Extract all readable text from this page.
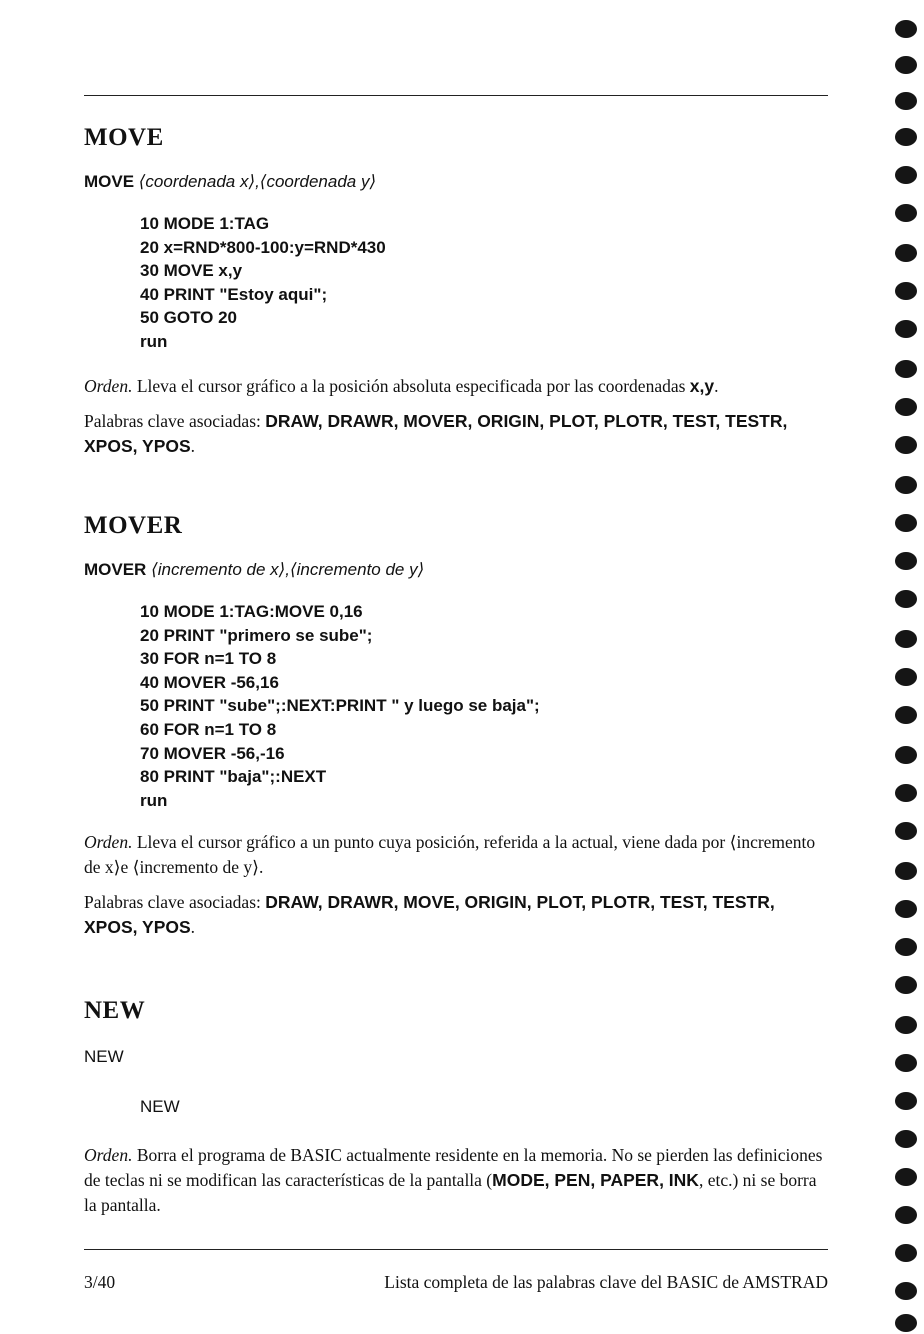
MOVE
MOVE ⟨coordenada x⟩,⟨coordenada y⟩
10 MODE 1:TAG
20 x=RND*800-100:y=RND*430
30 MOVE x,y
40 PRINT "Estoy aqui";
50 GOTO 20
run
Orden. Lleva el cursor gráfico a la posición absoluta especificada por las coordenadas x,y.
Palabras clave asociadas: DRAW, DRAWR, MOVER, ORIGIN, PLOT, PLOTR, TEST, TESTR, XPOS, YPOS.
MOVER
MOVER ⟨incremento de x⟩,⟨incremento de y⟩
10 MODE 1:TAG:MOVE 0,16
20 PRINT "primero se sube";
30 FOR n=1 TO 8
40 MOVER -56,16
50 PRINT "sube";:NEXT:PRINT " y luego se baja";
60 FOR n=1 TO 8
70 MOVER -56,-16
80 PRINT "baja";:NEXT
run
Orden. Lleva el cursor gráfico a un punto cuya posición, referida a la actual, viene dada por ⟨incremento de x⟩e ⟨incremento de y⟩.
Palabras clave asociadas: DRAW, DRAWR, MOVE, ORIGIN, PLOT, PLOTR, TEST, TESTR, XPOS, YPOS.
NEW
NEW
NEW
Orden. Borra el programa de BASIC actualmente residente en la memoria. No se pierden las definiciones de teclas ni se modifican las características de la pantalla (MODE, PEN, PAPER, INK, etc.) ni se borra la pantalla.
3/40	Lista completa de las palabras clave del BASIC de AMSTRAD
